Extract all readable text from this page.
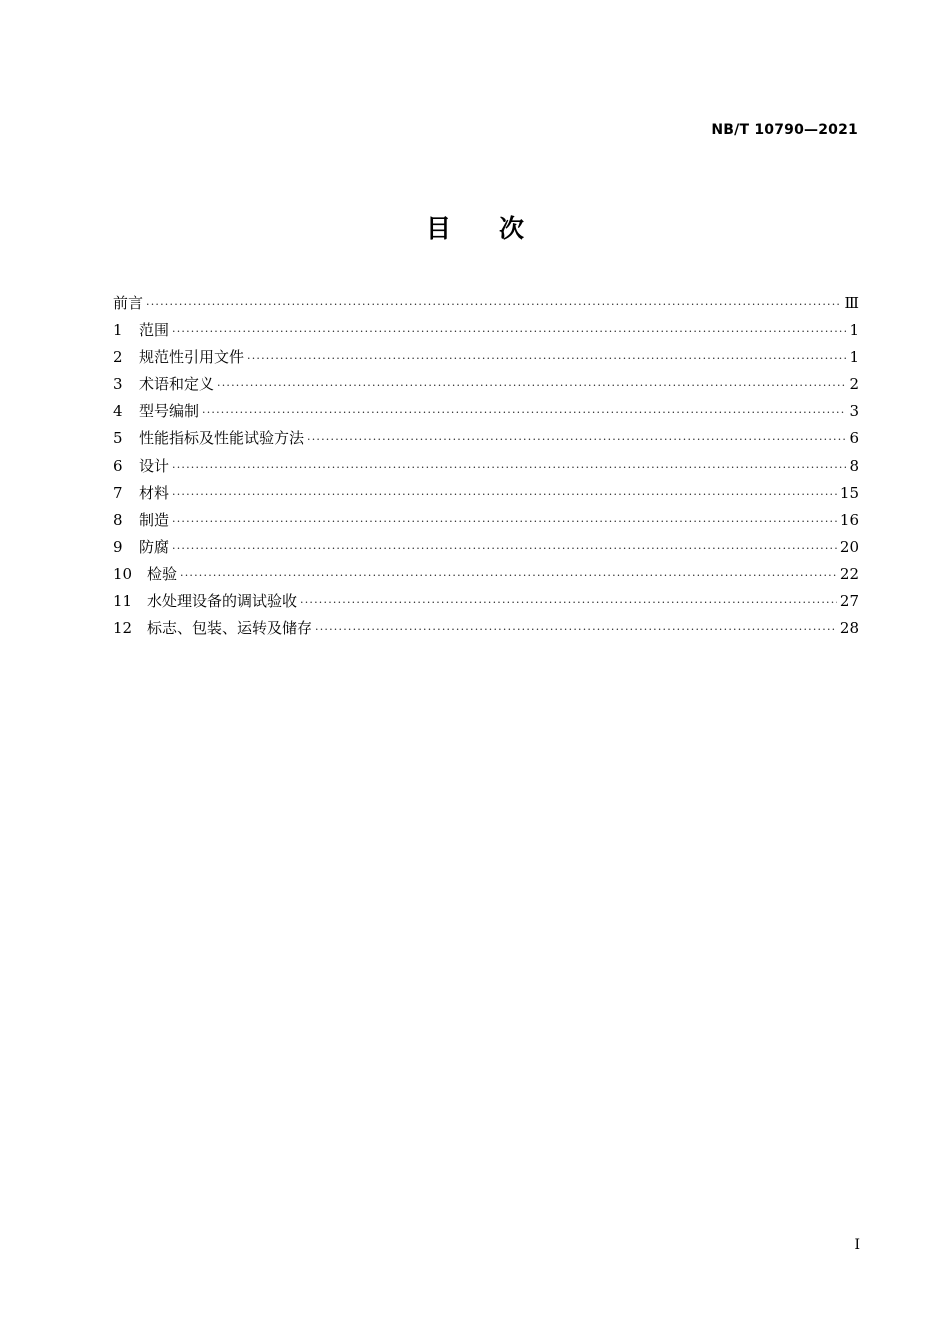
NB/T 10790—2021
目次
前言 ·····	Ⅲ
1	范围 ·····	1
2	规范性引用文件 ·····	1
3	术语和定义 ·····	2
4	型号编制 ·····	3
5	性能指标及性能试验方法 ·····	6
6	设计 ·····	8
7	材料 ·····	15
8	制造 ·····	16
9	防腐 ·····	20
10 检验 ·····	22
11 水处理设备的调试验收 ·····	27
12 标志、包装、运转及储存 ·····	28
I
